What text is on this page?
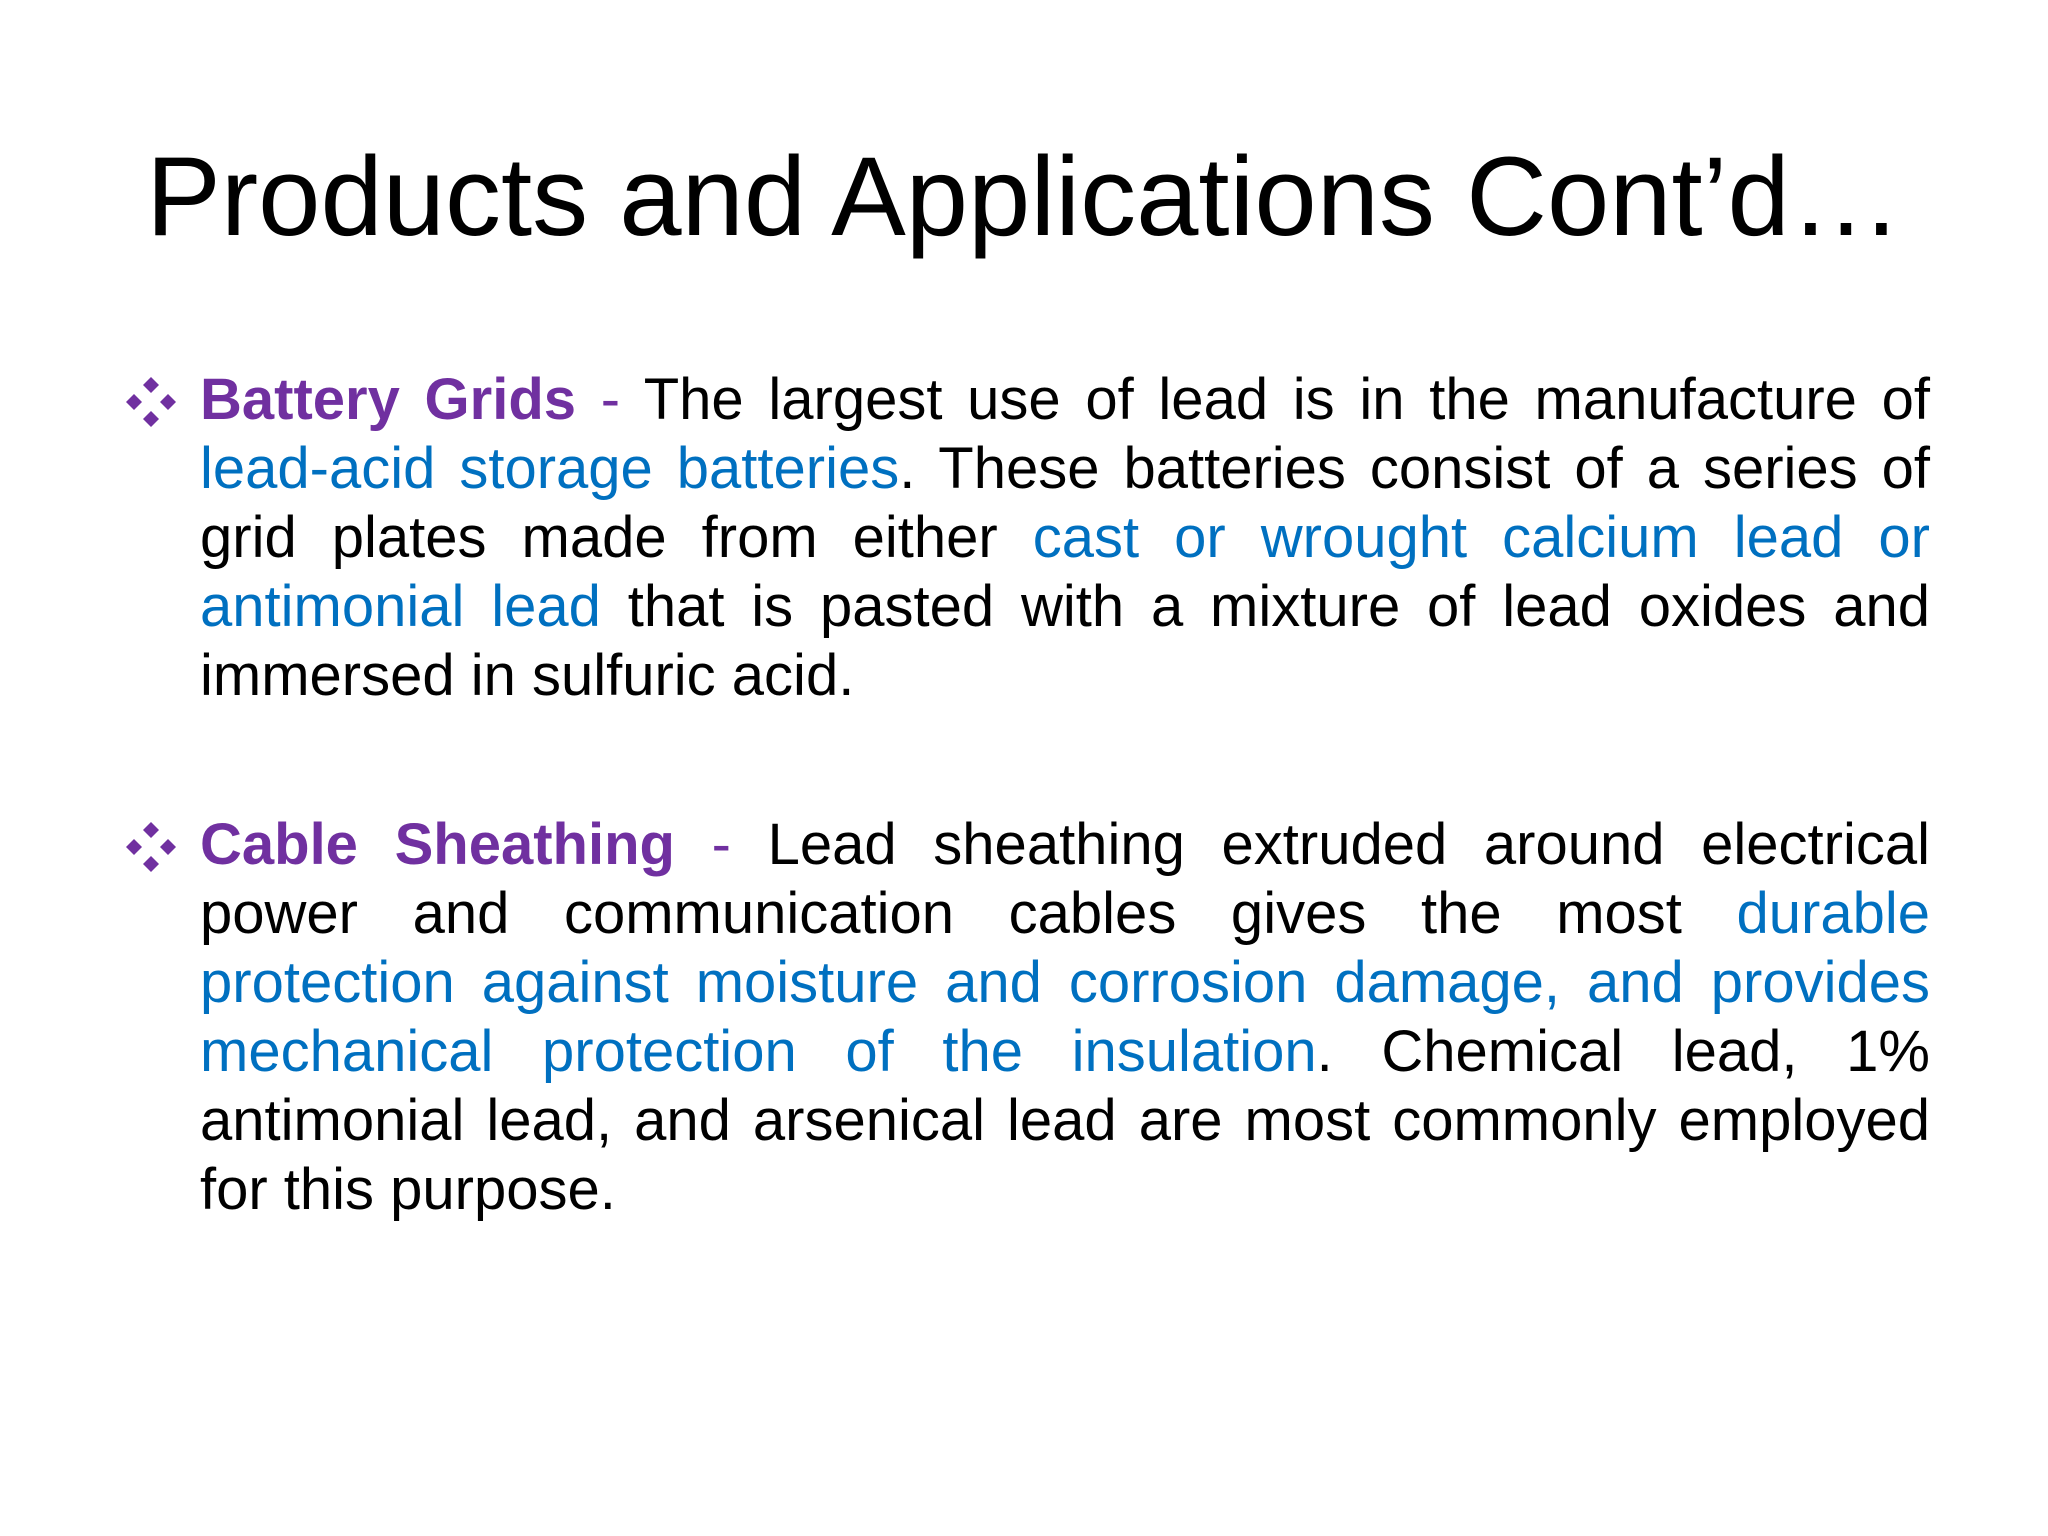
Products and Applications Cont’d…
Battery Grids - The largest use of lead is in the manufacture of lead-acid storage batteries. These batteries consist of a series of grid plates made from either cast or wrought calcium lead or antimonial lead that is pasted with a mixture of lead oxides and immersed in sulfuric acid.
Cable Sheathing - Lead sheathing extruded around electrical power and communication cables gives the most durable protection against moisture and corrosion damage, and provides mechanical protection of the insulation. Chemical lead, 1% antimonial lead, and arsenical lead are most commonly employed for this purpose.
